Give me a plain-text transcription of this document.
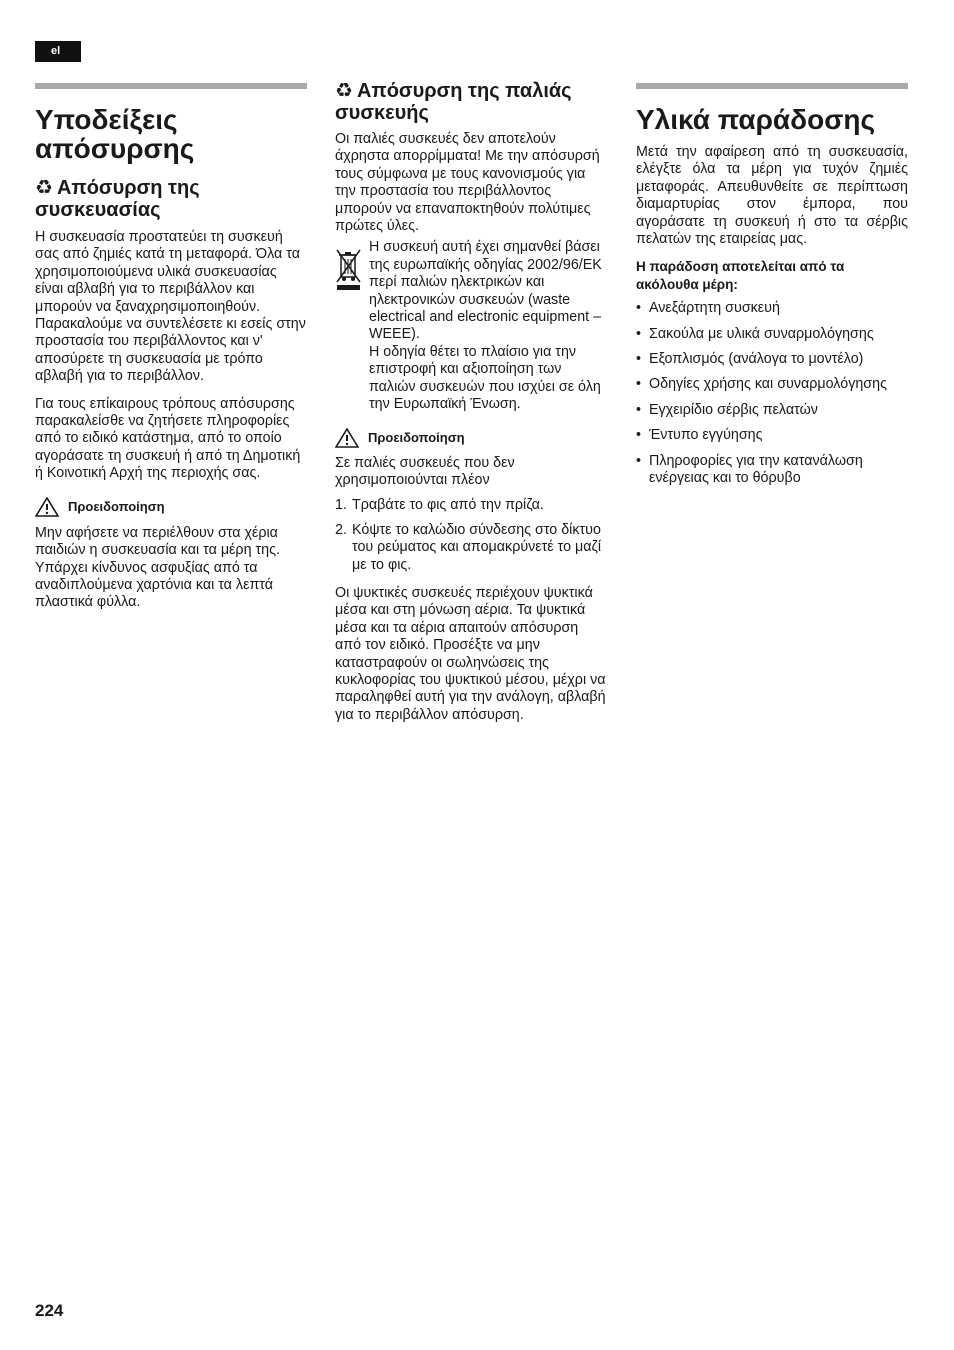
el
Υποδείξεις απόσυρσης
♻ Απόσυρση της συσκευασίας

Η συσκευασία προστατεύει τη συσκευή σας από ζημιές κατά τη μεταφορά. Όλα τα χρησιμοποιούμενα υλικά συσκευασίας είναι αβλαβή για το περιβάλλον και μπορούν να ξαναχρησιμοποιηθούν. Παρακαλούμε να συντελέσετε κι εσείς στην προστασία του περιβάλλοντος και ν' απoσύρετε τη συσκευασία με τρόπο αβλαβή για το περιβάλλον.

Για τους επίκαιρους τρόπους απόσυρσης παρακαλείσθε να ζητήσετε πληροφορίες από το ειδικό κατάστημα, από το οποίο αγοράσατε τη συσκευή ή από τη Δημοτική ή Κοινοτική Αρχή της περιοχής σας.

Προειδοποίηση

Μην αφήσετε να περιέλθουν στα χέρια παιδιών η συσκευασία και τα μέρη της. Υπάρχει κίνδυνος ασφυξίας από τα αναδιπλούμενα χαρτόνια και τα λεπτά πλαστικά φύλλα.

♻ Απόσυρση της παλιάς συσκευής

Οι παλιές συσκευές δεν αποτελούν άχρηστα απορρίμματα! Με την απόσυρσή τους σύμφωνα με τους κανονισμούς για την προστασία του περιβάλλοντος μπορούν να επαναποκτηθούν πολύτιμες πρώτες ύλες.

Η συσκευή αυτή έχει σημανθεί βάσει της ευρωπαϊκής οδηγίας 2002/96/ΕΚ περί παλιών ηλεκτρικών και ηλεκτρονικών συσκευών (waste electrical and electronic equipment – WEEE).

Η οδηγία θέτει το πλαίσιο για την επιστροφή και αξιοποίηση των παλιών συσκευών που ισχύει σε όλη την Ευρωπαϊκή Ένωση.

Προειδοποίηση

Σε παλιές συσκευές που δεν χρησιμοποιούνται πλέον

1. Τραβάτε το φις από την πρίζα.
2. Κόψτε το καλώδιο σύνδεσης στο δίκτυο του ρεύματος και απομακρύνετέ το μαζί με το φις.

Οι ψυκτικές συσκευές περιέχουν ψυκτικά μέσα και στη μόνωση αέρια. Τα ψυκτικά μέσα και τα αέρια απαιτούν απόσυρση από τον ειδικό. Προσέξτε να μην καταστραφούν οι σωληνώσεις της κυκλοφορίας του ψυκτικού μέσου, μέχρι να παραληφθεί αυτή για την ανάλογη, αβλαβή για το περιβάλλον απόσυρση.

Υλικά παράδοσης

Μετά την αφαίρεση από τη συσκευασία, ελέγξτε όλα τα μέρη για τυχόν ζημιές μεταφοράς. Απευθυνθείτε σε περίπτωση διαμαρτυρίας στον έμπορα, που αγοράσατε τη συσκευή ή στο τα σέρβις πελατών της εταιρείας μας.

Η παράδοση αποτελείται από τα ακόλουθα μέρη:

• Ανεξάρτητη συσκευή
• Σακούλα με υλικά συναρμολόγησης
• Εξοπλισμός (ανάλογα το μοντέλο)
• Οδηγίες χρήσης και συναρμολόγησης
• Εγχειρίδιο σέρβις πελατών
• Έντυπο εγγύησης
• Πληροφορίες για την κατανάλωση ενέργειας και το θόρυβο
224
